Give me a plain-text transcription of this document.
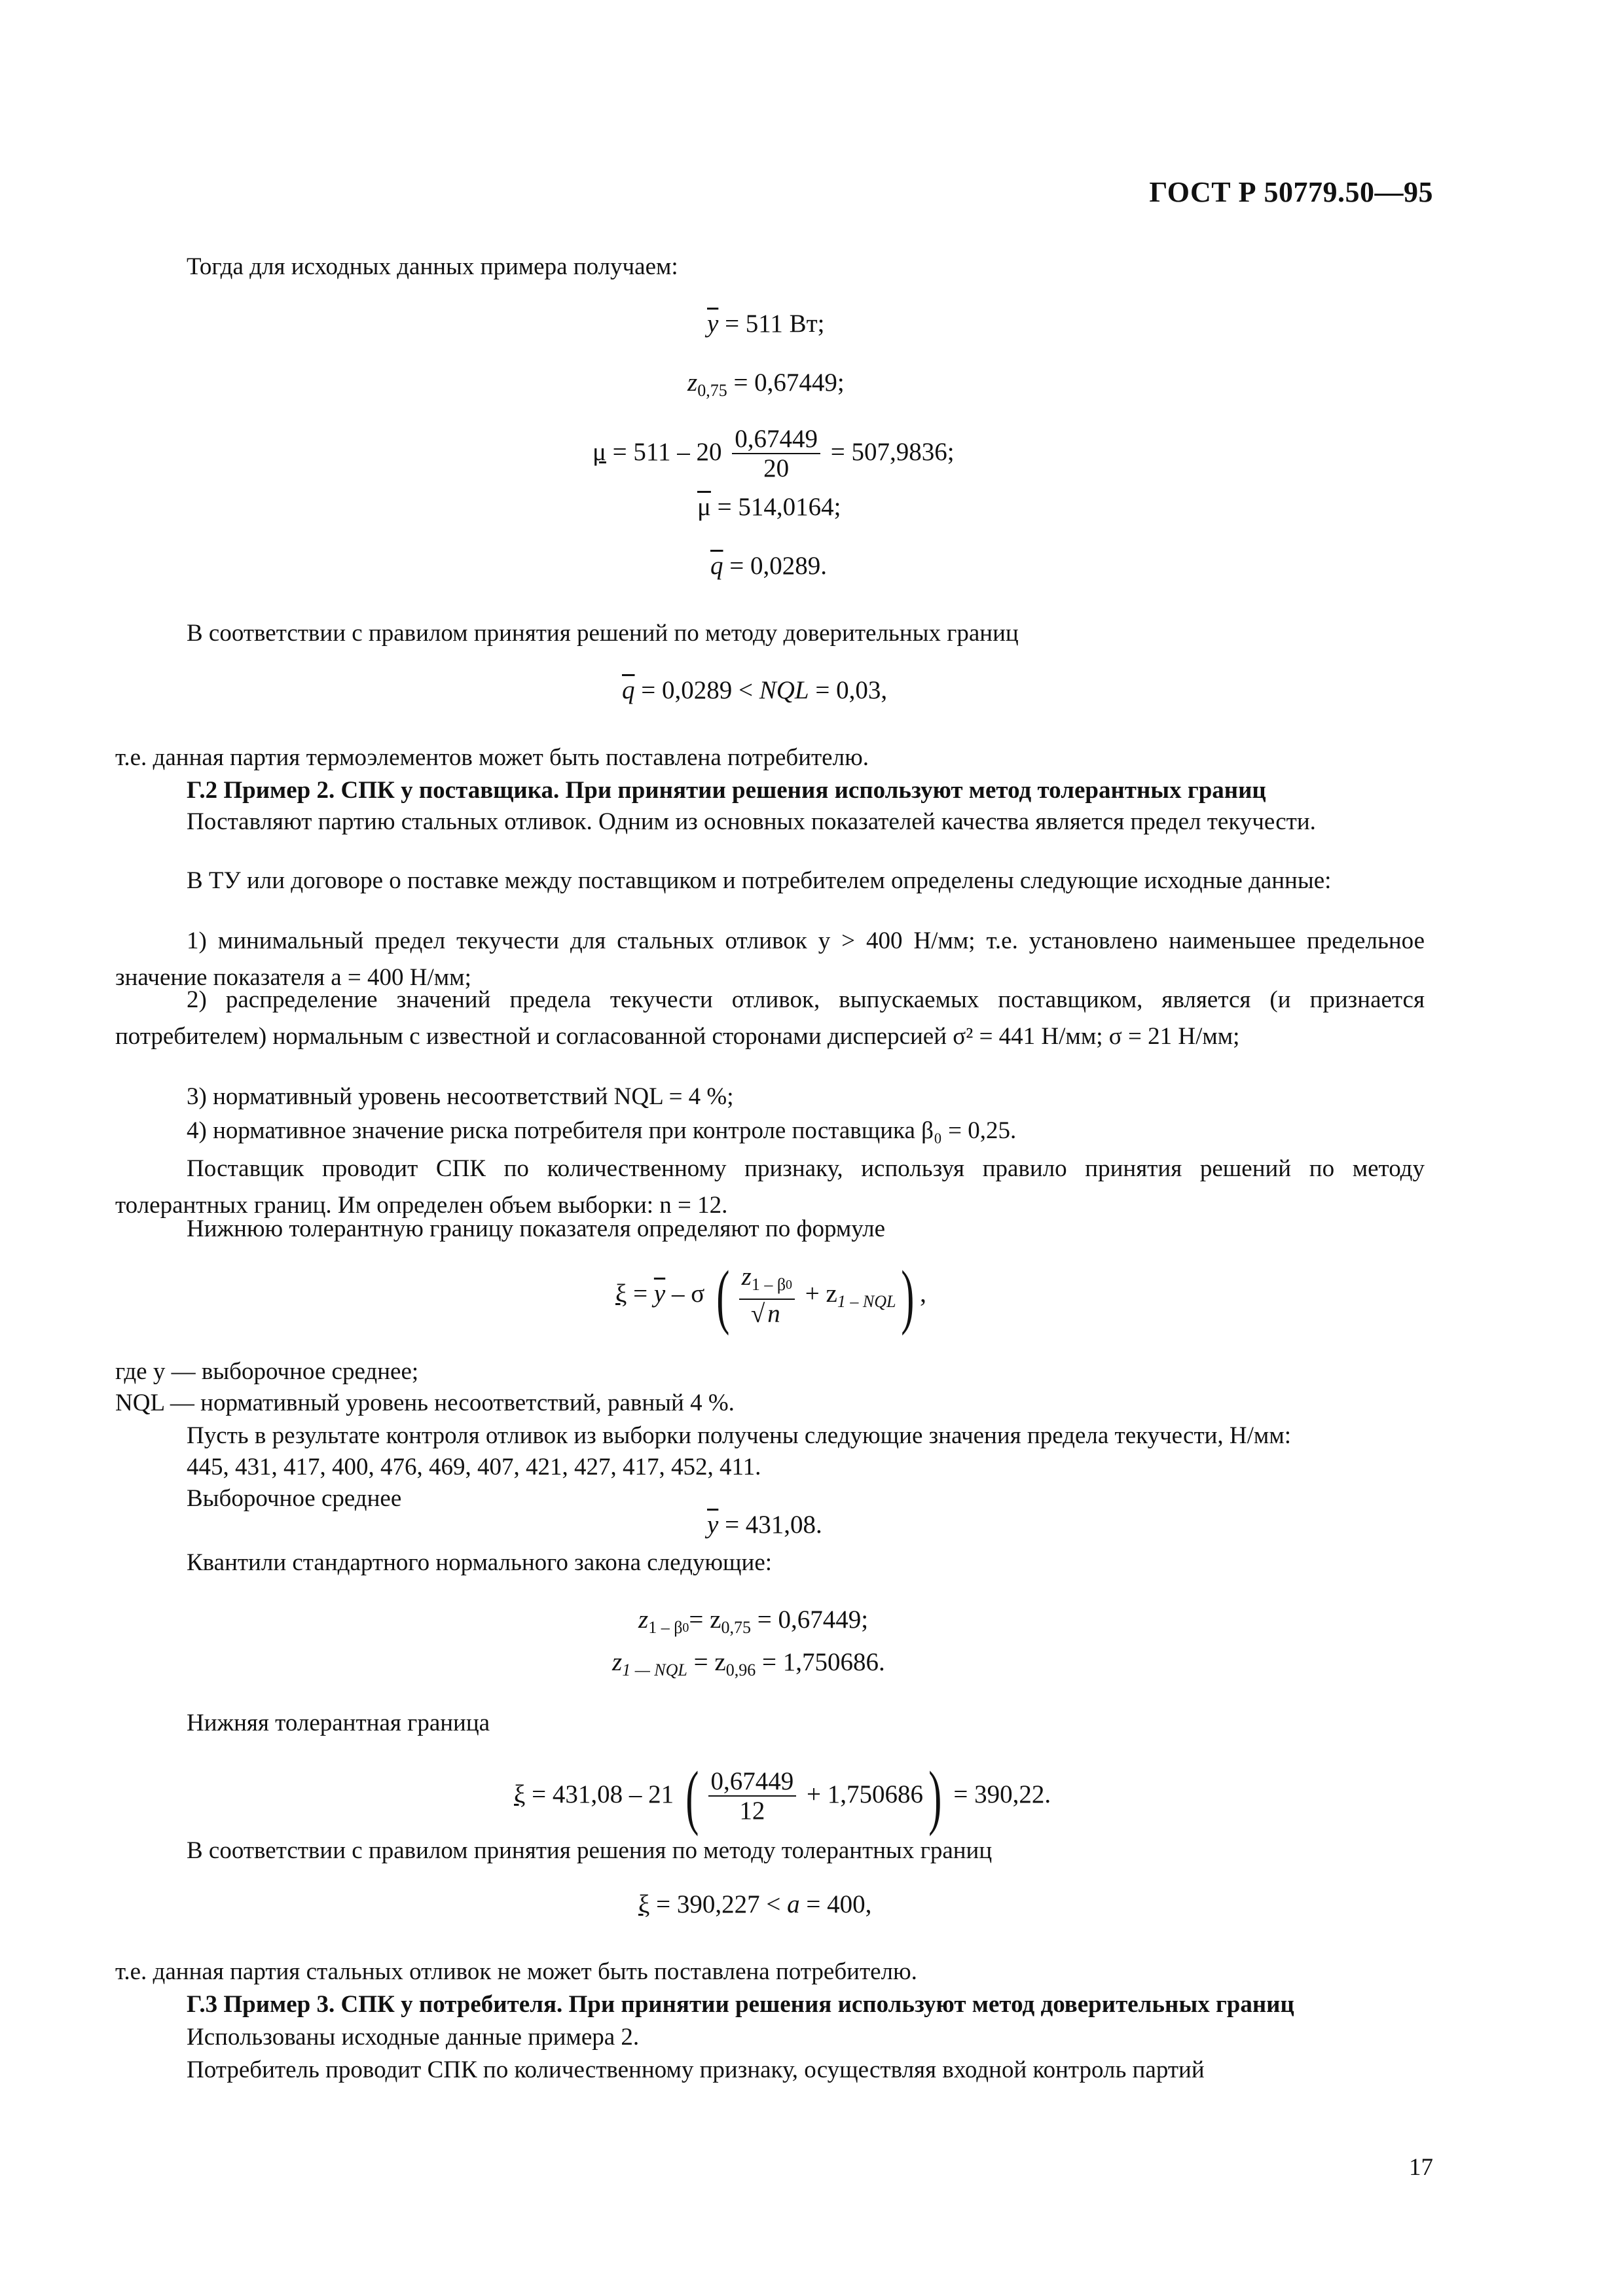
ГОСТ Р 50779.50—95
Тогда для исходных данных примера получаем:
$\overline{y} = 511$ Вт;
$z_{0,75} = 0,67449$;
$\mu = 511 - 20 \frac{0,67449}{20} = 507,9836$;
$\overline{\mu} = 514,0164$;
$\overline{q} = 0,0289$.
В соответствии с правилом принятия решений по методу доверительных границ
$\overline{q} = 0,0289$ < NQL = 0,03,
т.е. данная партия термоэлементов может быть поставлена потребителю.
Г.2 Пример 2. СПК у поставщика. При принятии решения используют метод толерантных границ
Поставляют партию стальных отливок. Одним из основных показателей качества является предел текучести.
В ТУ или договоре о поставке между поставщиком и потребителем определены следующие исходные данные:
1) минимальный предел текучести для стальных отливок y > 400 Н/мм; т.е. установлено наименьшее предельное значение показателя a = 400 Н/мм;
2) распределение значений предела текучести отливок, выпускаемых поставщиком, является (и признается потребителем) нормальным с известной и согласованной сторонами дисперсией σ² = 441 Н/мм; σ = 21 Н/мм;
3) нормативный уровень несоответствий NQL = 4 %;
4) нормативное значение риска потребителя при контроле поставщика β₀ = 0,25.
Поставщик проводит СПК по количественному признаку, используя правило принятия решений по методу толерантных границ. Им определен объем выборки: n = 12.
Нижнюю толерантную границу показателя определяют по формуле
$\xi = \overline{y} - \sigma$ ( $\frac{z_{1 - \beta}0}{√ n} + z_{1 - NQL}$) ,
где y — выборочное среднее;
NQL — нормативный уровень несоответствий, равный 4 %.
Пусть в результате контроля отливок из выборки получены следующие значения предела текучести, Н/мм:
445, 431, 417, 400, 476, 469, 407, 421, 427, 417, 452, 411.
Выборочное среднее
$\overline{y} = 431,08$.
Квантили стандартного нормального закона следующие:
$z_{1 - \beta}0= z_{0,75} = 0,67449$;
$z_{1 — NQL} = z_{0,96} = 1,750686$.
Нижняя толерантная граница
ξ = 431,08 – 21 ( $\frac{0,67449}{12} + 1,750686) = 390,22$.
В соответствии с правилом принятия решения по методу толерантных границ
ξ = 390,227 < a = 400,
т.е. данная партия стальных отливок не может быть поставлена потребителю.
Г.3 Пример 3. СПК у потребителя. При принятии решения используют метод доверительных границ
Использованы исходные данные примера 2.
Потребитель проводит СПК по количественному признаку, осуществляя входной контроль партий
17
